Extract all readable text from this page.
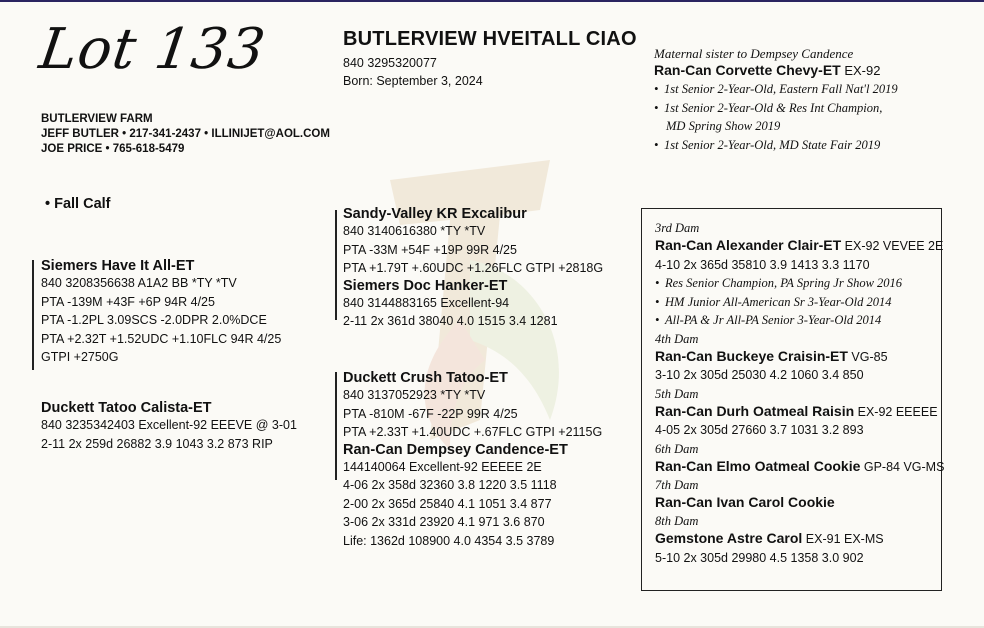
Lot 133
BUTLERVIEW FARM
JEFF BUTLER • 217-341-2437 • ILLINIJET@AOL.COM
JOE PRICE • 765-618-5479
BUTLERVIEW HVEITALL CIAO
840 3295320077
Born: September 3, 2024
• Fall Calf
Siemers Have It All-ET
840 3208356638 A1A2 BB *TY *TV
PTA -139M +43F +6P 94R 4/25
PTA -1.2PL 3.09SCS -2.0DPR 2.0%DCE
PTA +2.32T +1.52UDC +1.10FLC 94R 4/25
GTPI +2750G
Duckett Tatoo Calista-ET
840 3235342403 Excellent-92 EEEVE @ 3-01
2-11 2x 259d 26882 3.9 1043 3.2 873 RIP
Sandy-Valley KR Excalibur
840 3140616380 *TY *TV
PTA -33M +54F +19P 99R 4/25
PTA +1.79T +.60UDC +1.26FLC GTPI +2818G
Siemers Doc Hanker-ET
840 3144883165 Excellent-94
2-11 2x 361d 38040 4.0 1515 3.4 1281
Duckett Crush Tatoo-ET
840 3137052923 *TY *TV
PTA -810M -67F -22P 99R 4/25
PTA +2.33T +1.40UDC +.67FLC GTPI +2115G
Ran-Can Dempsey Candence-ET
144140064 Excellent-92 EEEEE 2E
4-06 2x 358d 32360 3.8 1220 3.5 1118
2-00 2x 365d 25840 4.1 1051 3.4 877
3-06 2x 331d 23920 4.1 971 3.6 870
Life: 1362d 108900 4.0 4354 3.5 3789
Maternal sister to Dempsey Candence
Ran-Can Corvette Chevy-ET EX-92
• 1st Senior 2-Year-Old, Eastern Fall Nat'l 2019
• 1st Senior 2-Year-Old & Res Int Champion,
MD Spring Show 2019
• 1st Senior 2-Year-Old, MD State Fair 2019
3rd Dam
Ran-Can Alexander Clair-ET EX-92 VEVEE 2E
4-10 2x 365d 35810 3.9 1413 3.3 1170
• Res Senior Champion, PA Spring Jr Show 2016
• HM Junior All-American Sr 3-Year-Old 2014
• All-PA & Jr All-PA Senior 3-Year-Old 2014
4th Dam
Ran-Can Buckeye Craisin-ET VG-85
3-10 2x 305d 25030 4.2 1060 3.4 850
5th Dam
Ran-Can Durh Oatmeal Raisin EX-92 EEEEE
4-05 2x 305d 27660 3.7 1031 3.2 893
6th Dam
Ran-Can Elmo Oatmeal Cookie GP-84 VG-MS
7th Dam
Ran-Can Ivan Carol Cookie
8th Dam
Gemstone Astre Carol EX-91 EX-MS
5-10 2x 305d 29980 4.5 1358 3.0 902
